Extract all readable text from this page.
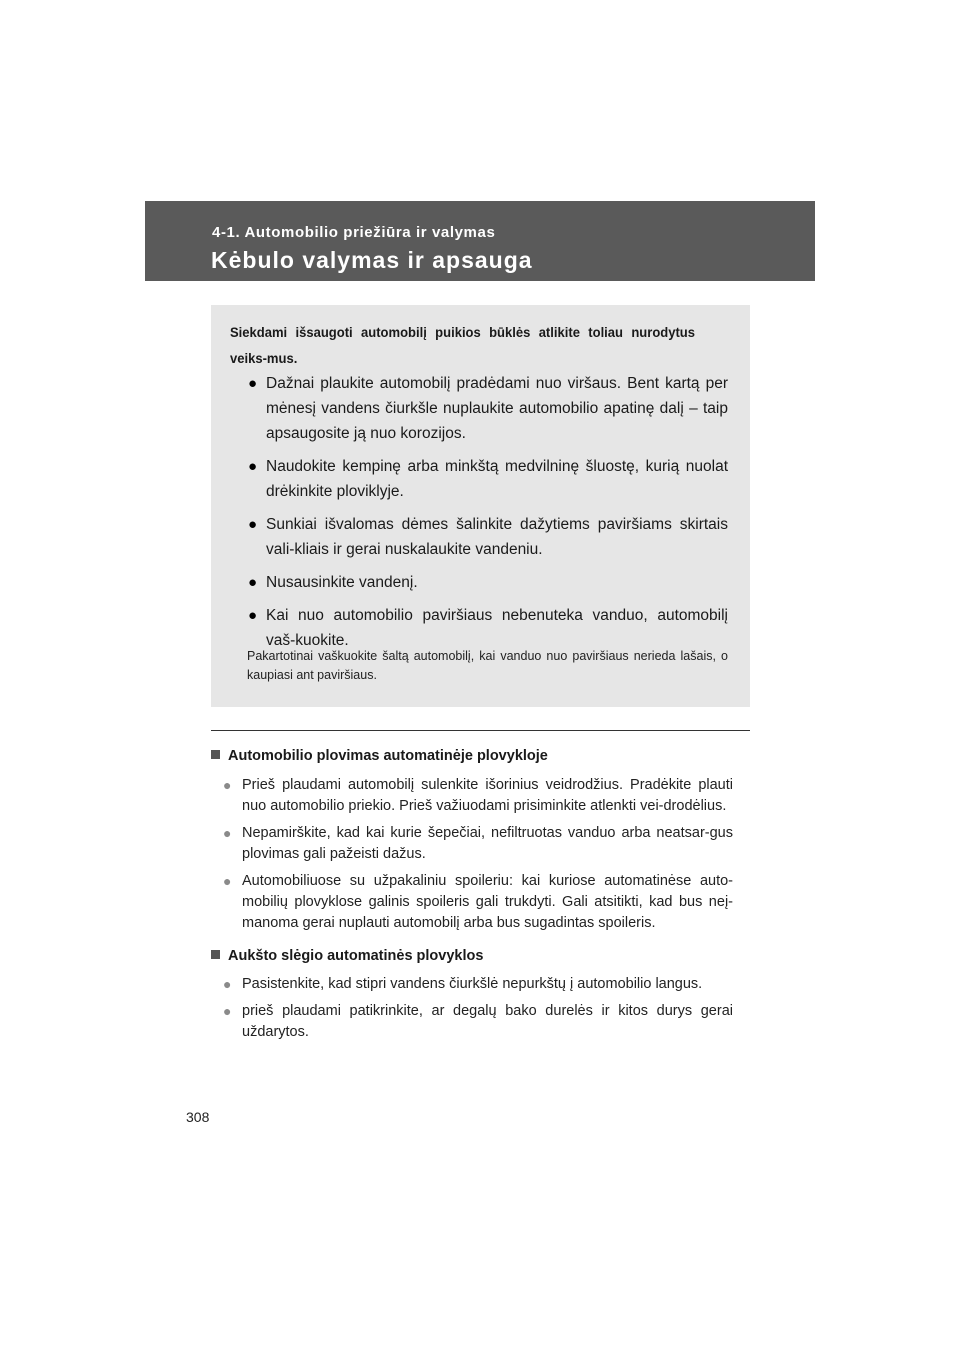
4-1. Automobilio priežiūra ir valymas
Kėbulo valymas ir apsauga
Siekdami išsaugoti automobilį puikios būklės atlikite toliau nurodytus veiks-mus.
● Dažnai plaukite automobilį pradėdami nuo viršaus. Bent kartą per mėnesį vandens čiurkšle nuplaukite automobilio apatinę dalį – taip apsaugosite ją nuo korozijos.
● Naudokite kempinę arba minkštą medvilninę šluostę, kurią nuolat drėkinkite ploviklyje.
● Sunkiai išvalomas dėmes šalinkite dažytiems paviršiams skirtais vali-kliais ir gerai nuskalaukite vandeniu.
● Nusausinkite vandenį.
● Kai nuo automobilio paviršiaus nebenuteka vanduo, automobilį vaš-kuokite.
Pakartotinai vaškuokite šaltą automobilį, kai vanduo nuo paviršiaus nerieda lašais, o kaupiasi ant paviršiaus.
Automobilio plovimas automatinėje plovykloje
● Prieš plaudami automobilį sulenkite išorinius veidrodžius. Pradėkite plauti nuo automobilio priekio. Prieš važiuodami prisiminkite atlenkti vei-drodėlius.
● Nepamirškite, kad kai kurie šepečiai, nefiltruotas vanduo arba neatsar-gus plovimas gali pažeisti dažus.
● Automobiliuose su užpakaliniu spoileriu: kai kuriose automatinėse auto-mobilių plovyklose galinis spoileris gali trukdyti. Gali atsitikti, kad bus neį-manoma gerai nuplauti automobilį arba bus sugadintas spoileris.
Aukšto slėgio automatinės plovyklos
● Pasistenkite, kad stipri vandens čiurkšlė nepurkštų į automobilio langus.
● prieš plaudami patikrinkite, ar degalų bako durelės ir kitos durys gerai uždarytos.
308
